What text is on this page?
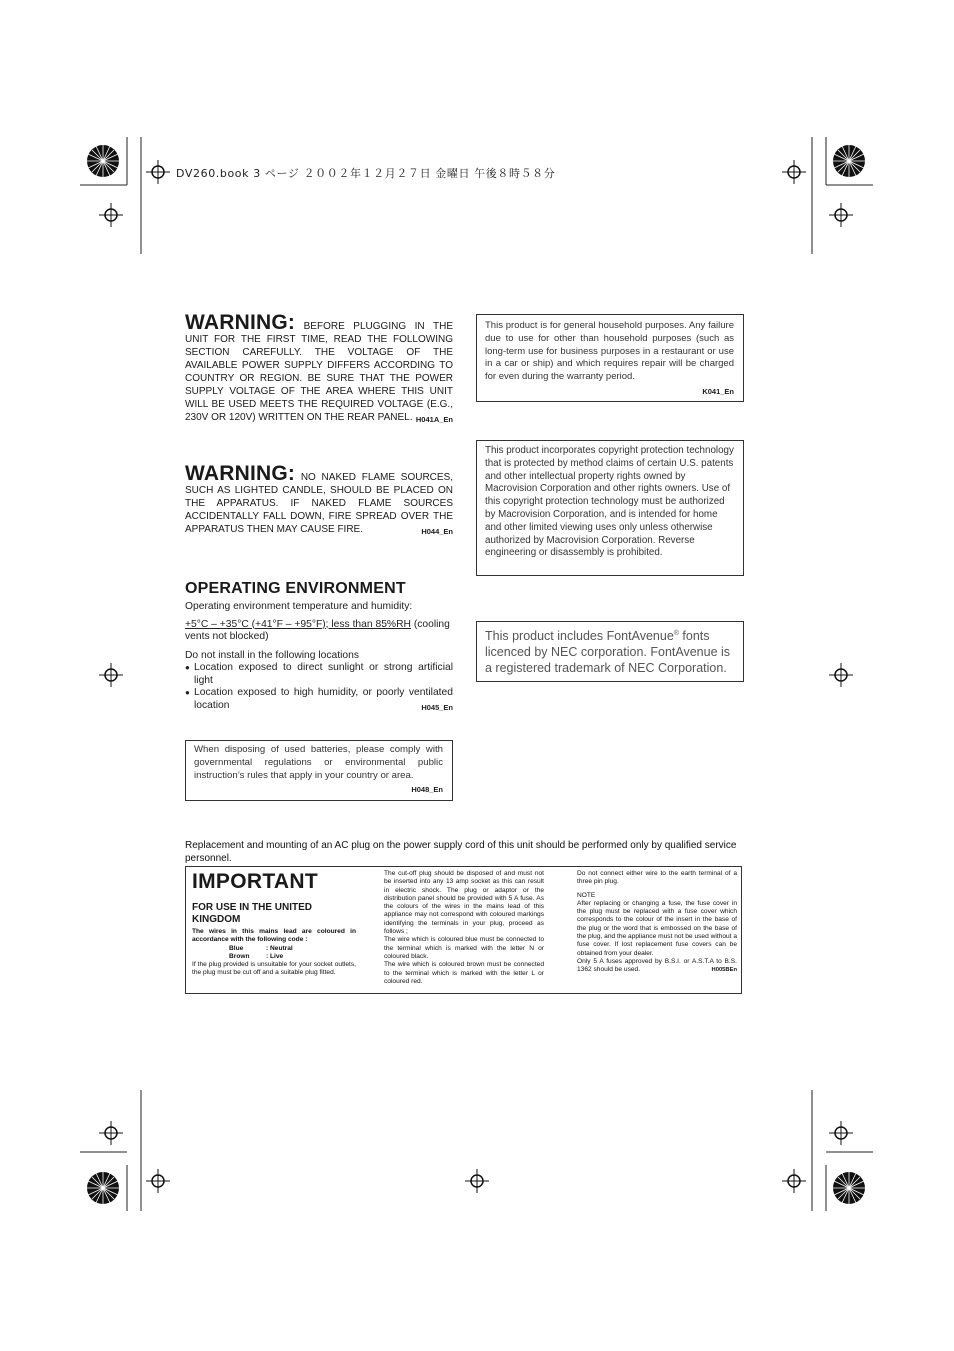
DV260.book 3 ページ ２００２年１２月２７日 金曜日 午後８時５８分
WARNING: BEFORE PLUGGING IN THE UNIT FOR THE FIRST TIME, READ THE FOLLOWING SECTION CAREFULLY. THE VOLTAGE OF THE AVAILABLE POWER SUPPLY DIFFERS ACCORDING TO COUNTRY OR REGION. BE SURE THAT THE POWER SUPPLY VOLTAGE OF THE AREA WHERE THIS UNIT WILL BE USED MEETS THE REQUIRED VOLTAGE (E.G., 230V OR 120V) WRITTEN ON THE REAR PANEL. H041A_En
WARNING: NO NAKED FLAME SOURCES, SUCH AS LIGHTED CANDLE, SHOULD BE PLACED ON THE APPARATUS. IF NAKED FLAME SOURCES ACCIDENTALLY FALL DOWN, FIRE SPREAD OVER THE APPARATUS THEN MAY CAUSE FIRE.	H044_En
OPERATING ENVIRONMENT
Operating environment temperature and humidity:
+5°C – +35°C (+41°F – +95°F); less than 85%RH (cooling vents not blocked)
Do not install in the following locations
● Location exposed to direct sunlight or strong artificial light
● Location exposed to high humidity, or poorly ventilated location	H045_En
When disposing of used batteries, please comply with governmental regulations or environmental public instruction’s rules that apply in your country or area.
H048_En
This product is for general household purposes. Any failure due to use for other than household purposes (such as long-term use for business purposes in a restaurant or use in a car or ship) and which requires repair will be charged for even during the warranty period.
K041_En
This product incorporates copyright protection technology that is protected by method claims of certain U.S. patents and other intellectual property rights owned by Macrovision Corporation and other rights owners. Use of this copyright protection technology must be authorized by Macrovision Corporation, and is intended for home and other limited viewing uses only unless otherwise authorized by Macrovision Corporation. Reverse engineering or disassembly is prohibited.
This product includes FontAvenue® fonts licenced by NEC corporation. FontAvenue is a registered trademark of NEC Corporation.
Replacement and mounting of an AC plug on the power supply cord of this unit should be performed only by qualified service personnel.
IMPORTANT
FOR USE IN THE UNITED KINGDOM
The wires in this mains lead are coloured in accordance with the following code :
Blue	: Neutral
Brown : Live
If the plug provided is unsuitable for your socket outlets, the plug must be cut off and a suitable plug fitted.
The cut-off plug should be disposed of and must not be inserted into any 13 amp socket as this can result in electric shock. The plug or adaptor or the distribution panel should be provided with 5 A fuse. As the colours of the wires in the mains lead of this appliance may not correspond with coloured markings identifying the terminals in your plug, proceed as follows ;
The wire which is coloured blue must be connected to the terminal which is marked with the letter N or coloured black.
The wire which is coloured brown must be connected to the terminal which is marked with the letter L or coloured red.
Do not connect either wire to the earth terminal of a three pin plug.
NOTE
After replacing or changing a fuse, the fuse cover in the plug must be replaced with a fuse cover which corresponds to the colour of the insert in the base of the plug or the word that is embossed on the base of the plug, and the appliance must not be used without a fuse cover. If lost replacement fuse covers can be obtained from your dealer.
Only 5 A fuses approved by B.S.I. or A.S.T.A to B.S. 1362 should be used.	H005BEn
